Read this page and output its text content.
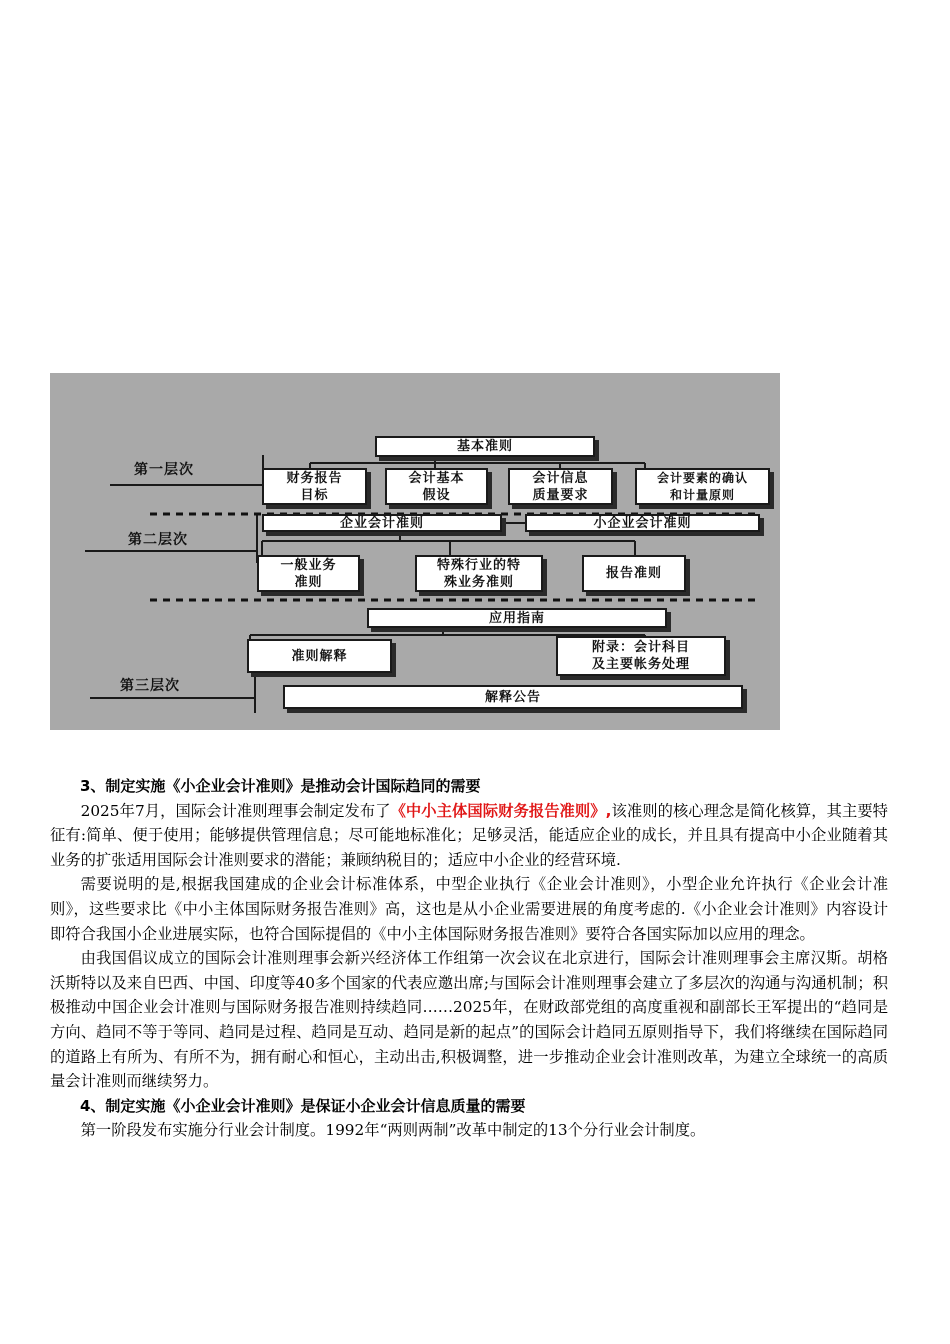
第一层次
第二层次
第三层次
基本准则
财务报告
目标
会计基本
假设
会计信息
质量要求
会计要素的确认
和计量原则
企业会计准则	小企业会计准则
一般业务
准则
特殊行业的特
殊业务准则
报告准则
应用指南
准则解释
附录：会计科目
及主要帐务处理
解释公告

3、制定实施《小企业会计准则》是推动会计国际趋同的需要

2025年7月，国际会计准则理事会制定发布了《中小主体国际财务报告准则》,该准则的核心理念是简化核算，其主要特征有:简单、便于使用；能够提供管理信息；尽可能地标准化；足够灵活，能适应企业的成长，并且具有提高中小企业随着其业务的扩张适用国际会计准则要求的潜能；兼顾纳税目的；适应中小企业的经营环境.

需要说明的是,根据我国建成的企业会计标准体系，中型企业执行《企业会计准则》，小型企业允许执行《企业会计准则》，这些要求比《中小主体国际财务报告准则》高，这也是从小企业需要进展的角度考虑的.《小企业会计准则》内容设计即符合我国小企业进展实际，也符合国际提倡的《中小主体国际财务报告准则》要符合各国实际加以应用的理念。

由我国倡议成立的国际会计准则理事会新兴经济体工作组第一次会议在北京进行，国际会计准则理事会主席汉斯。胡格沃斯特以及来自巴西、中国、印度等40多个国家的代表应邀出席;与国际会计准则理事会建立了多层次的沟通与沟通机制；积极推动中国企业会计准则与国际财务报告准则持续趋同……2025年，在财政部党组的高度重视和副部长王军提出的“趋同是方向、趋同不等于等同、趋同是过程、趋同是互动、趋同是新的起点”的国际会计趋同五原则指导下，我们将继续在国际趋同的道路上有所为、有所不为，拥有耐心和恒心，主动出击,积极调整，进一步推动企业会计准则改革，为建立全球统一的高质量会计准则而继续努力。

4、制定实施《小企业会计准则》是保证小企业会计信息质量的需要

第一阶段发布实施分行业会计制度。1992年“两则两制”改革中制定的13个分行业会计制度。
